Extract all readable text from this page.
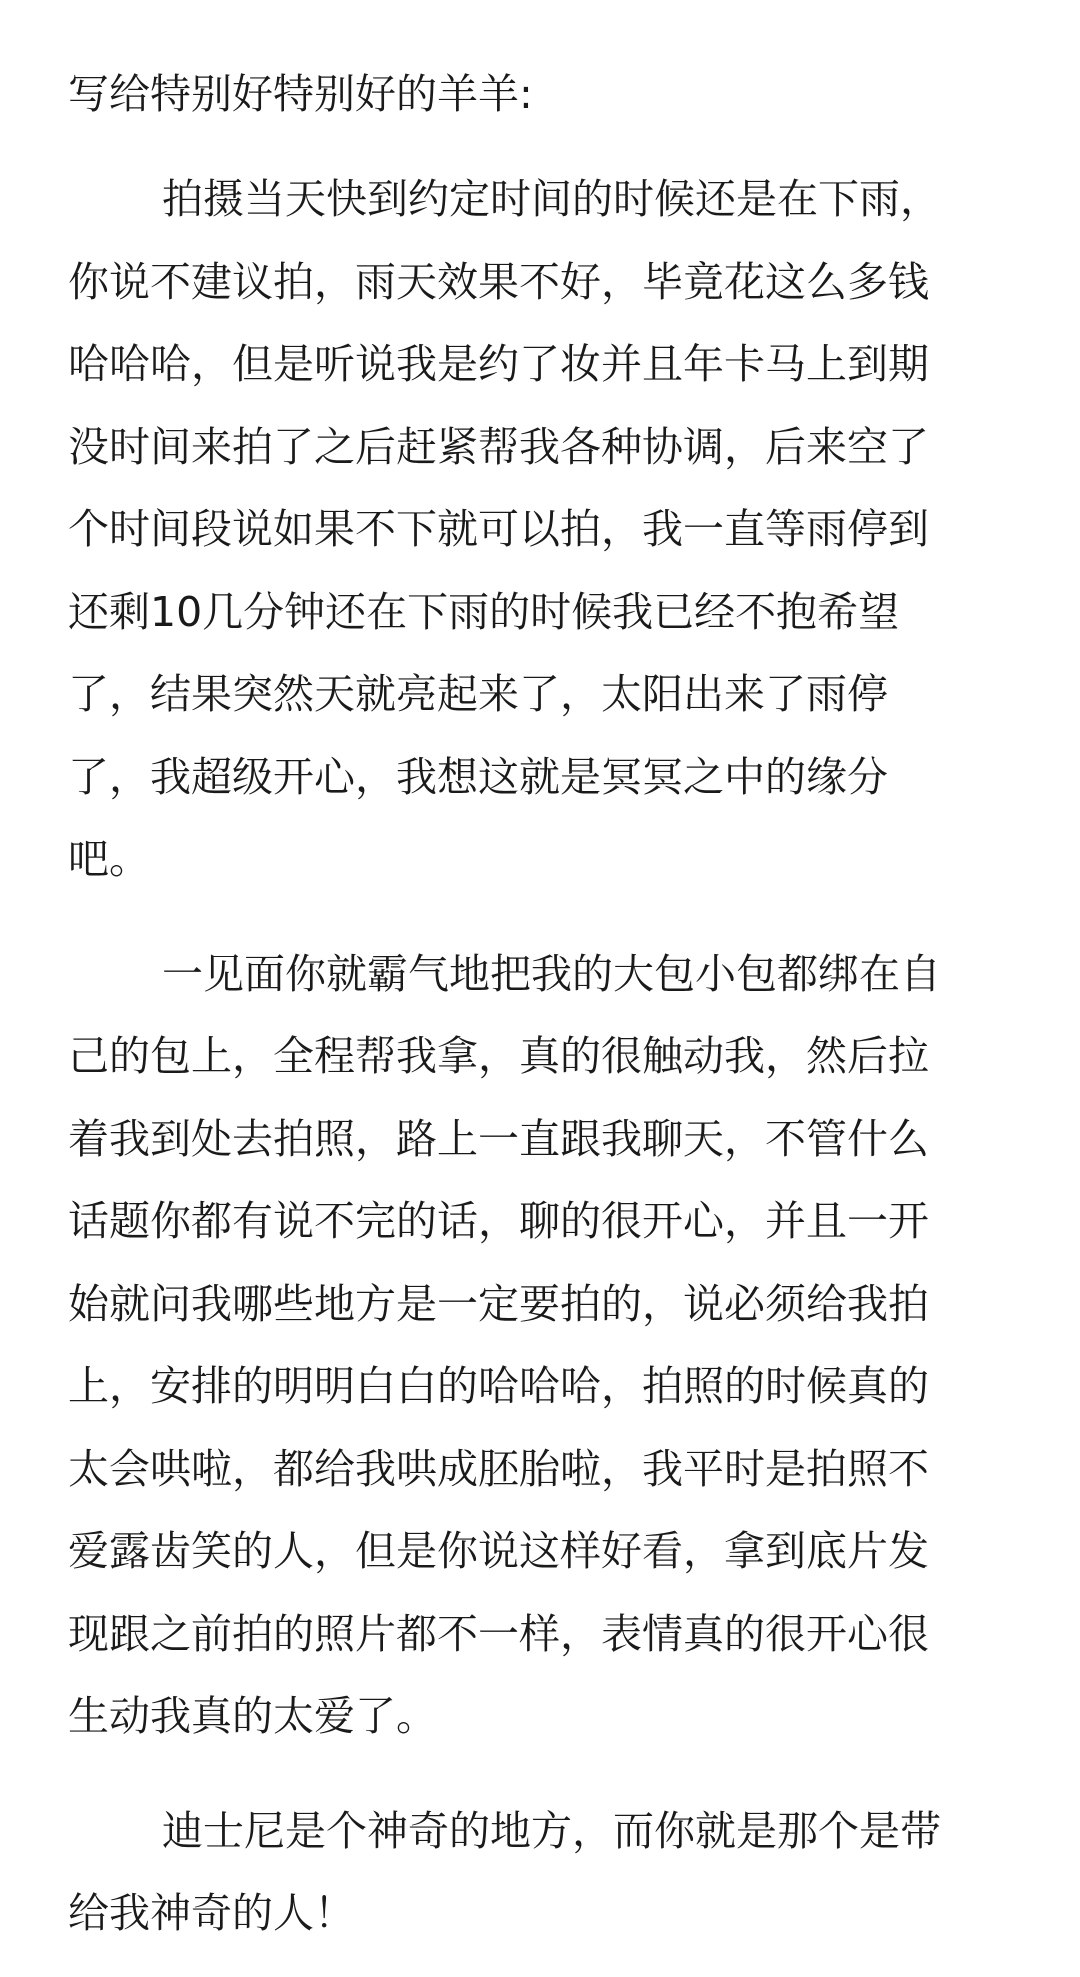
写给特别好特别好的羊羊:
拍摄当天快到约定时间的时候还是在下雨，
你说不建议拍，雨天效果不好，毕竟花这么多钱
哈哈哈，但是听说我是约了妆并且年卡马上到期
没时间来拍了之后赶紧帮我各种协调，后来空了
个时间段说如果不下就可以拍，我一直等雨停到
还剩10几分钟还在下雨的时候我已经不抱希望
了，结果突然天就亮起来了，太阳出来了雨停
了，我超级开心，我想这就是冥冥之中的缘分
吧。
一见面你就霸气地把我的大包小包都绑在自
己的包上，全程帮我拿，真的很触动我，然后拉
着我到处去拍照，路上一直跟我聊天，不管什么
话题你都有说不完的话，聊的很开心，并且一开
始就问我哪些地方是一定要拍的，说必须给我拍
上，安排的明明白白的哈哈哈，拍照的时候真的
太会哄啦，都给我哄成胚胎啦，我平时是拍照不
爱露齿笑的人，但是你说这样好看，拿到底片发
现跟之前拍的照片都不一样，表情真的很开心很
生动我真的太爱了。
迪士尼是个神奇的地方，而你就是那个是带
给我神奇的人！
